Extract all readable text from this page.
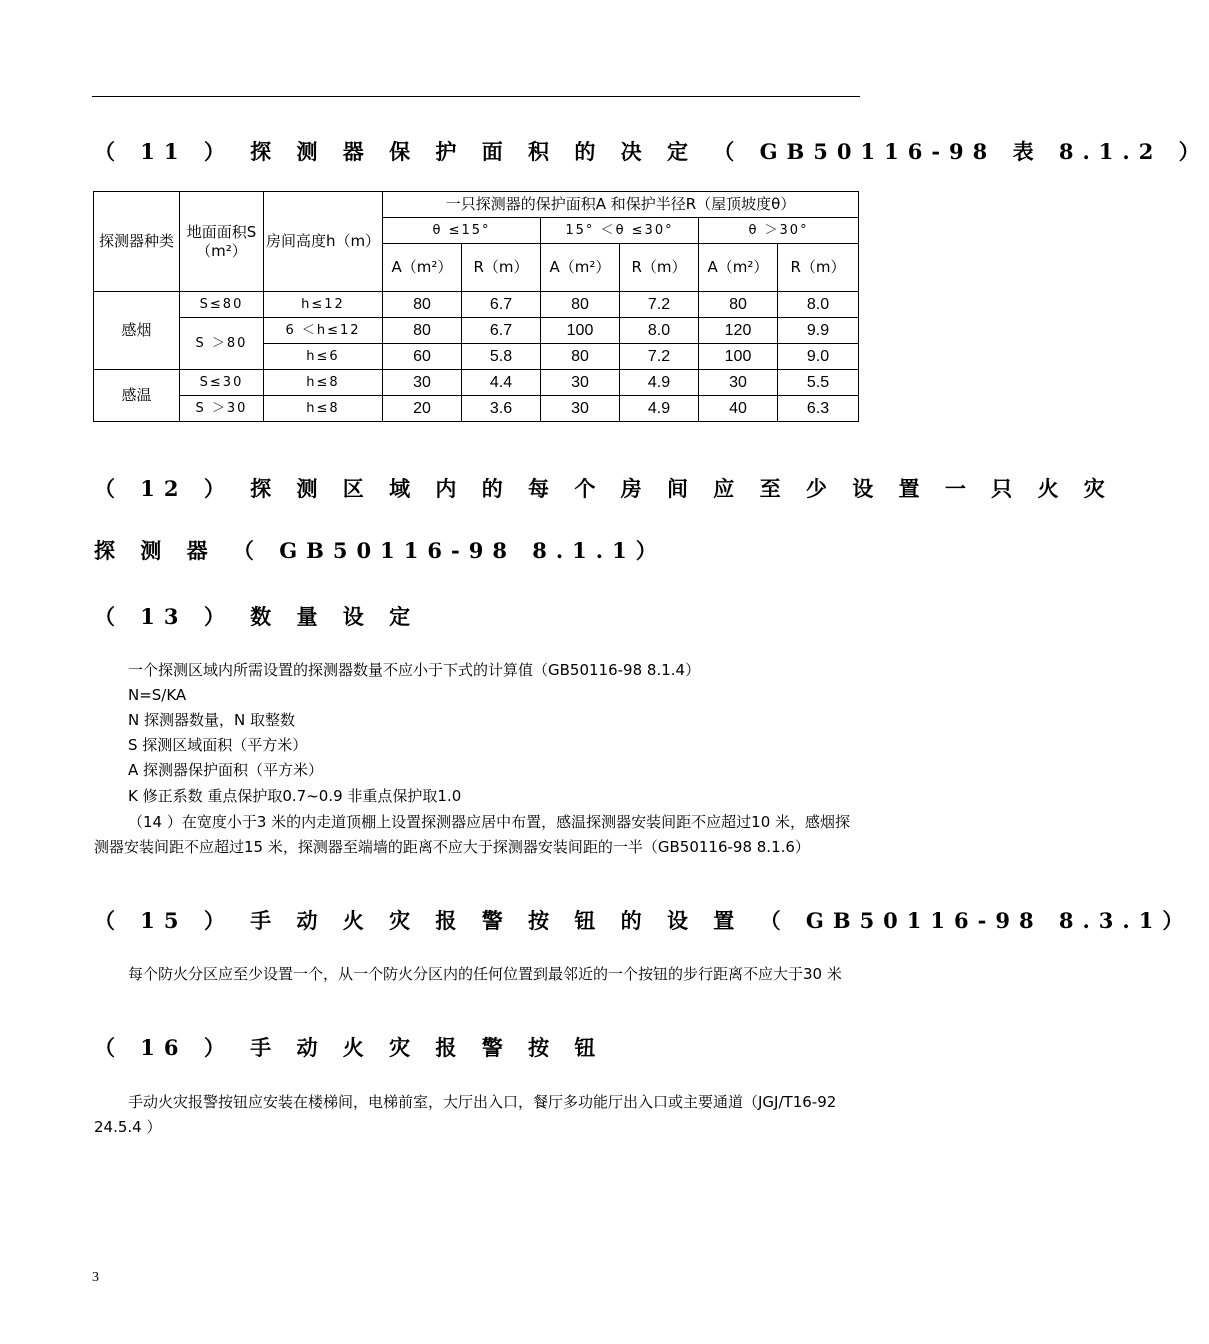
（ 11 ） 探 测 器 保 护 面 积 的 决 定 （ GB50116-98 表 8.1.2 ）
探测器种类	地面面积S（m²）	房间高度h（m）	一只探测器的保护面积A 和保护半径R（屋顶坡度θ）					
			θ ≤15°		15° ＜θ ≤30°		θ ＞30°	
			A（m²）	R（m）	A（m²）	R（m）	A（m²）	R（m）
感烟	S≤80	h≤12	80	6.7	80	7.2	80	8.0
	S ＞80	6 ＜h≤12	80	6.7	100	8.0	120	9.9
		h≤6	60	5.8	80	7.2	100	9.0
感温	S≤30	h≤8	30	4.4	30	4.9	30	5.5
	S ＞30	h≤8	20	3.6	30	4.9	40	6.3
（ 12 ） 探 测 区 域 内 的 每 个 房 间 应 至 少 设 置 一 只 火 灾
探 测 器 （ GB50116-98 8.1.1）
（ 13 ） 数 量 设 定

一个探测区域内所需设置的探测器数量不应小于下式的计算值（GB50116-98 8.1.4）

N=S/KA

N 探测器数量，N 取整数

S 探测区域面积（平方米）

A 探测器保护面积（平方米）

K 修正系数 重点保护取0.7~0.9 非重点保护取1.0

（14 ）在宽度小于3 米的内走道顶棚上设置探测器应居中布置，感温探测器安装间距不应超过10 米，感烟探测器安装间距不应超过15 米，探测器至端墙的距离不应大于探测器安装间距的一半（GB50116-98 8.1.6）

（ 15 ） 手 动 火 灾 报 警 按 钮 的 设 置 （ GB50116-98 8.3.1）

每个防火分区应至少设置一个，从一个防火分区内的任何位置到最邻近的一个按钮的步行距离不应大于30 米

（ 16 ） 手 动 火 灾 报 警 按 钮

手动火灾报警按钮应安装在楼梯间，电梯前室，大厅出入口，餐厅多功能厅出入口或主要通道（JGJ/T16-92 24.5.4 ）

3
